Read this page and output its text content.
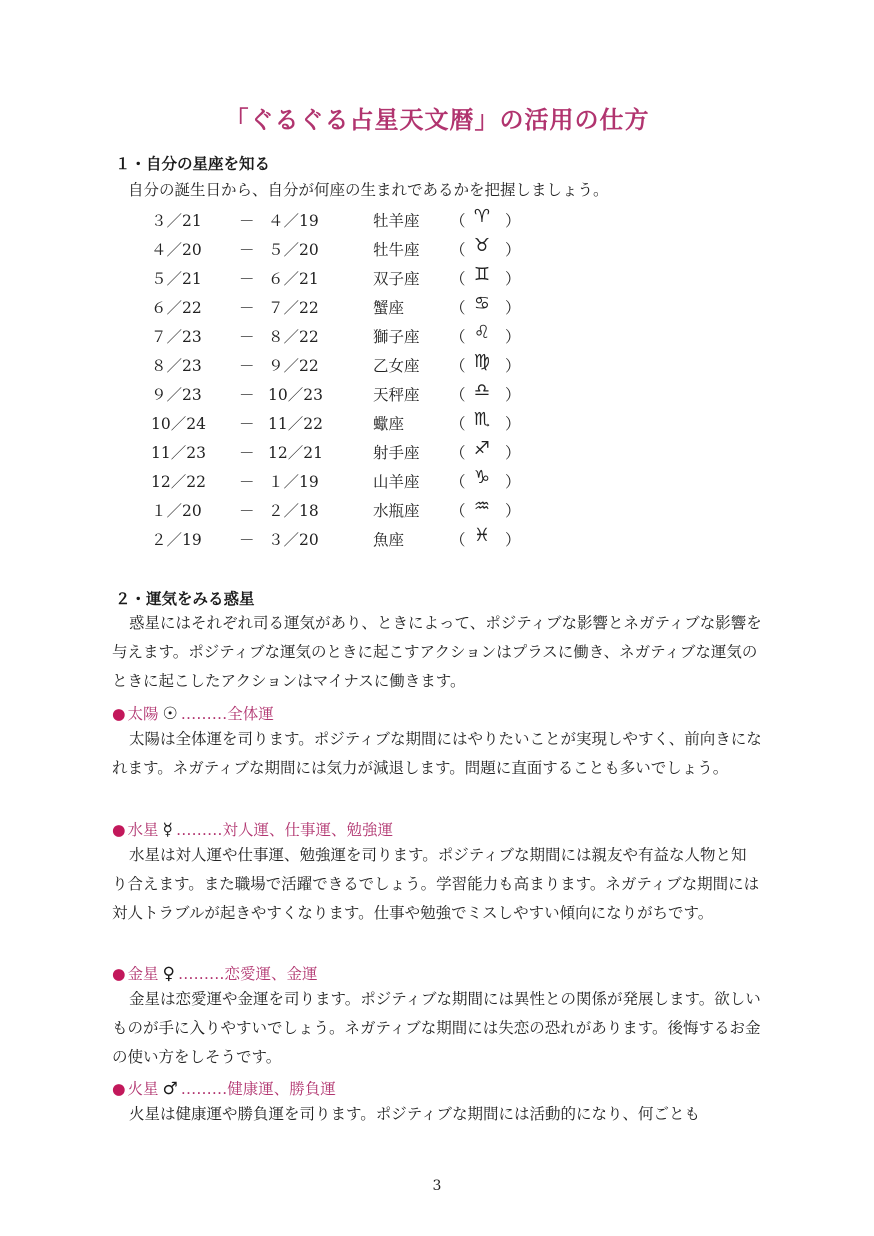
「ぐるぐる占星天文暦」の活用の仕方
１・自分の星座を知る
自分の誕生日から、自分が何座の生まれであるかを把握しましょう。
３／21 － ４／19	牡羊座 （ ♈︎ ）
４／20 － ５／20	牡牛座 （ ♉︎ ）
５／21 － ６／21	双子座 （ ♊︎ ）
６／22 － ７／22	蟹座	（ ♋︎ ）
７／23 － ８／22	獅子座 （ ♌︎ ）
８／23 － ９／22	乙女座 （ ♍︎ ）
９／23 － 10／23	天秤座 （ ♎︎ ）
10／24 － 11／22	蠍座	（ ♏︎ ）
11／23 － 12／21	射手座 （ ♐︎ ）
12／22 － １／19	山羊座 （ ♑︎ ）
１／20 － ２／18	水瓶座 （ ♒︎ ）
２／19 － ３／20	魚座	（ ♓︎ ）
２・運気をみる惑星

惑星にはそれぞれ司る運気があり、ときによって、ポジティブな影響とネガティブな影響を与えます。ポジティブな運気のときに起こすアクションはプラスに働き、ネガティブな運気のときに起こしたアクションはマイナスに働きます。

● 太陽 ☉ ………全体運

太陽は全体運を司ります。ポジティブな期間にはやりたいことが実現しやすく、前向きになれます。ネガティブな期間には気力が減退します。問題に直面することも多いでしょう。

● 水星 ☿ ………対人運、仕事運、勉強運

水星は対人運や仕事運、勉強運を司ります。ポジティブな期間には親友や有益な人物と知り合えます。また職場で活躍できるでしょう。学習能力も高まります。ネガティブな期間には対人トラブルが起きやすくなります。仕事や勉強でミスしやすい傾向になりがちです。

● 金星 ♀ ………恋愛運、金運

金星は恋愛運や金運を司ります。ポジティブな期間には異性との関係が発展します。欲しいものが手に入りやすいでしょう。ネガティブな期間には失恋の恐れがあります。後悔するお金の使い方をしそうです。

● 火星 ♂ ………健康運、勝負運

火星は健康運や勝負運を司ります。ポジティブな期間には活動的になり、何ごとも

3
